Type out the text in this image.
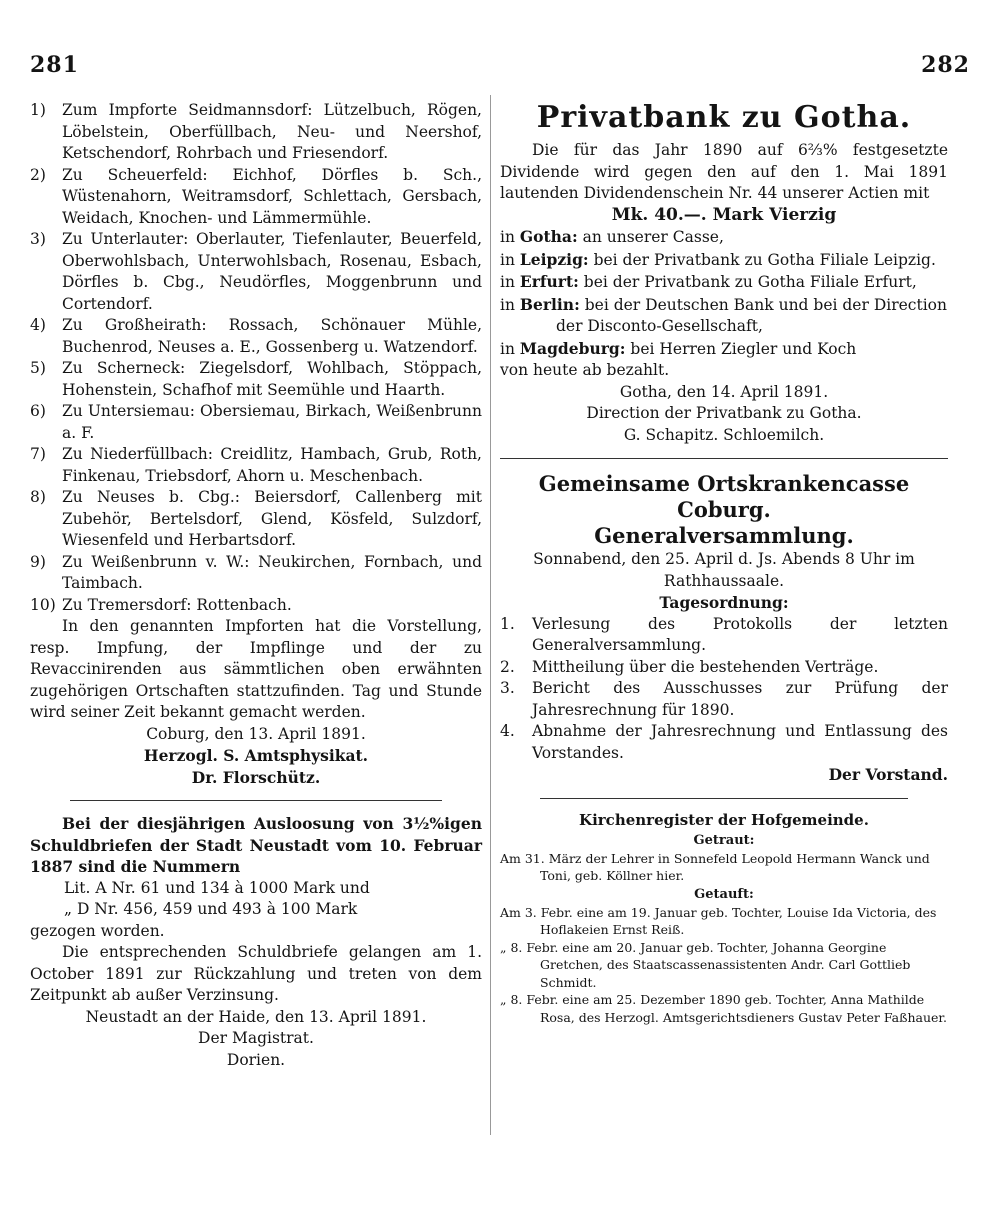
281	282
1)	Zum Impforte Seidmannsdorf: Lützelbuch, Rögen, Löbelstein, Oberfüllbach, Neu- und Neershof, Ketschendorf, Rohrbach und Friesendorf.
2)	Zu Scheuerfeld: Eichhof, Dörfles b. Sch., Wüstenahorn, Weitramsdorf, Schlettach, Gersbach, Weidach, Knochen- und Lämmermühle.
3)	Zu Unterlauter: Oberlauter, Tiefenlauter, Beuerfeld, Oberwohlsbach, Unterwohlsbach, Rosenau, Esbach, Dörfles b. Cbg., Neudörfles, Moggenbrunn und Cortendorf.
4)	Zu Großheirath: Rossach, Schönauer Mühle, Buchenrod, Neuses a. E., Gossenberg u. Watzendorf.
5)	Zu Scherneck: Ziegelsdorf, Wohlbach, Stöppach, Hohenstein, Schafhof mit Seemühle und Haarth.
6)	Zu Untersiemau: Obersiemau, Birkach, Weißenbrunn a. F.
7)	Zu Niederfüllbach: Creidlitz, Hambach, Grub, Roth, Finkenau, Triebsdorf, Ahorn u. Meschenbach.
8)	Zu Neuses b. Cbg.: Beiersdorf, Callenberg mit Zubehör, Bertelsdorf, Glend, Kösfeld, Sulzdorf, Wiesenfeld und Herbartsdorf.
9)	Zu Weißenbrunn v. W.: Neukirchen, Fornbach, und Taimbach.
10) Zu Tremersdorf: Rottenbach.

In den genannten Impforten hat die Vorstellung, resp. Impfung, der Impflinge und der zu Revaccinirenden aus sämmtlichen oben erwähnten zugehörigen Ortschaften stattzufinden. Tag und Stunde wird seiner Zeit bekannt gemacht werden.

Coburg, den 13. April 1891.

Herzogl. S. Amtsphysikat.

Dr. Florschütz.

Bei der diesjährigen Ausloosung von 3½%igen Schuldbriefen der Stadt Neustadt vom 10. Februar 1887 sind die Nummern

Lit. A Nr. 61 und 134 à 1000 Mark und

„ D Nr. 456, 459 und 493 à 100 Mark

gezogen worden.

Die entsprechenden Schuldbriefe gelangen am 1. October 1891 zur Rückzahlung und treten von dem Zeitpunkt ab außer Verzinsung.

Neustadt an der Haide, den 13. April 1891.

Der Magistrat.

Dorien.

Privatbank zu Gotha.

Die für das Jahr 1890 auf 6⅔% festgesetzte Dividende wird gegen den auf den 1. Mai 1891 lautenden Dividendenschein Nr. 44 unserer Actien mit

Mk. 40.—. Mark Vierzig

in Gotha: an unserer Casse,

in Leipzig: bei der Privatbank zu Gotha Filiale Leipzig.

in Erfurt: bei der Privatbank zu Gotha Filiale Erfurt,

in Berlin: bei der Deutschen Bank und bei der Direction der Disconto-Gesellschaft,

in Magdeburg: bei Herren Ziegler und Koch

von heute ab bezahlt.

Gotha, den 14. April 1891.

Direction der Privatbank zu Gotha.

G. Schapitz. Schloemilch.

Gemeinsame Ortskrankencasse Coburg.

Generalversammlung.

Sonnabend, den 25. April d. Js. Abends 8 Uhr im Rathhaussaale.

Tagesordnung:

1.	Verlesung des Protokolls der letzten Generalversammlung.
2.	Mittheilung über die bestehenden Verträge.
3.	Bericht des Ausschusses zur Prüfung der Jahresrechnung für 1890.
4.	Abnahme der Jahresrechnung und Entlassung des Vorstandes.

Der Vorstand.

Kirchenregister der Hofgemeinde.

Getraut:

Am 31. März der Lehrer in Sonnefeld Leopold Hermann Wanck und Toni, geb. Köllner hier.

Getauft:

Am 3. Febr. eine am 19. Januar geb. Tochter, Louise Ida Victoria, des Hoflakeien Ernst Reiß.

„ 8. Febr. eine am 20. Januar geb. Tochter, Johanna Georgine Gretchen, des Staatscassenassistenten Andr. Carl Gottlieb Schmidt.

„ 8. Febr. eine am 25. Dezember 1890 geb. Tochter, Anna Mathilde Rosa, des Herzogl. Amtsgerichtsdieners Gustav Peter Faßhauer.
